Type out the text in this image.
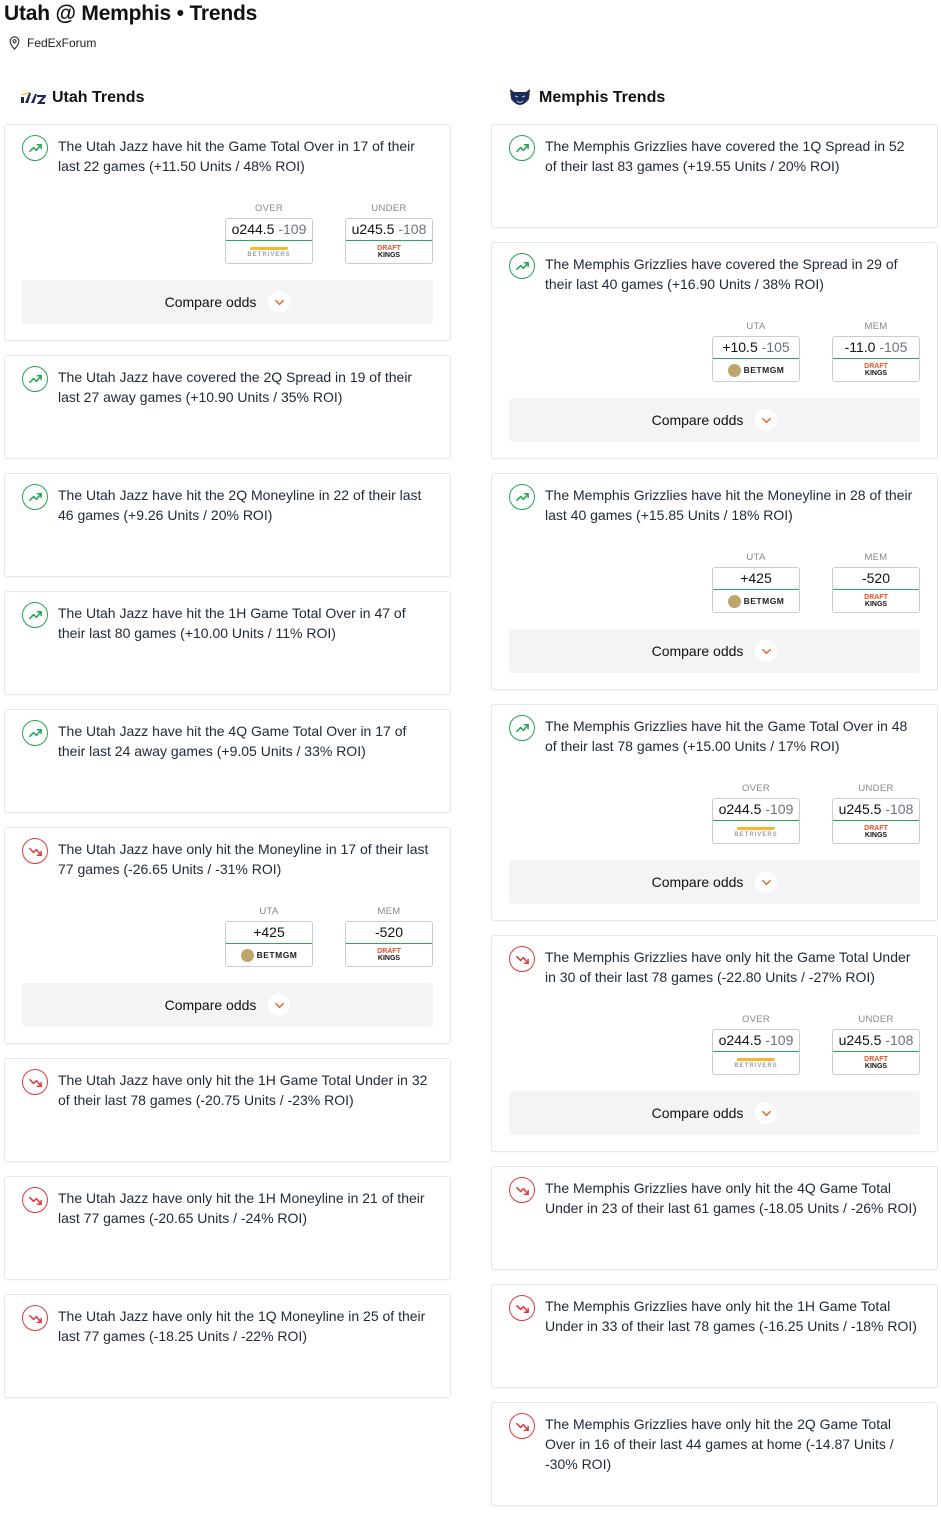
Utah @ Memphis • Trends
FedExForum
Utah Trends
The Utah Jazz have hit the Game Total Over in 17 of their last 22 games (+11.50 Units / 48% ROI)
OVER
o244.5 -109
BETRIVERS
UNDER
u245.5 -108
DRAFT
KINGS
Compare odds
The Utah Jazz have covered the 2Q Spread in 19 of their last 27 away games (+10.90 Units / 35% ROI)
The Utah Jazz have hit the 2Q Moneyline in 22 of their last 46 games (+9.26 Units / 20% ROI)
The Utah Jazz have hit the 1H Game Total Over in 47 of their last 80 games (+10.00 Units / 11% ROI)
The Utah Jazz have hit the 4Q Game Total Over in 17 of their last 24 away games (+9.05 Units / 33% ROI)
The Utah Jazz have only hit the Moneyline in 17 of their last 77 games (-26.65 Units / -31% ROI)
UTA
+425
BETMGM
MEM
-520
DRAFT
KINGS
Compare odds
The Utah Jazz have only hit the 1H Game Total Under in 32 of their last 78 games (-20.75 Units / -23% ROI)
The Utah Jazz have only hit the 1H Moneyline in 21 of their last 77 games (-20.65 Units / -24% ROI)
The Utah Jazz have only hit the 1Q Moneyline in 25 of their last 77 games (-18.25 Units / -22% ROI)
Memphis Trends
The Memphis Grizzlies have covered the 1Q Spread in 52 of their last 83 games (+19.55 Units / 20% ROI)
The Memphis Grizzlies have covered the Spread in 29 of their last 40 games (+16.90 Units / 38% ROI)
UTA
+10.5 -105
BETMGM
MEM
-11.0 -105
DRAFT
KINGS
Compare odds
The Memphis Grizzlies have hit the Moneyline in 28 of their last 40 games (+15.85 Units / 18% ROI)
UTA
+425
BETMGM
MEM
-520
DRAFT
KINGS
Compare odds
The Memphis Grizzlies have hit the Game Total Over in 48 of their last 78 games (+15.00 Units / 17% ROI)
OVER
o244.5 -109
BETRIVERS
UNDER
u245.5 -108
DRAFT
KINGS
Compare odds
The Memphis Grizzlies have only hit the Game Total Under in 30 of their last 78 games (-22.80 Units / -27% ROI)
OVER
o244.5 -109
BETRIVERS
UNDER
u245.5 -108
DRAFT
KINGS
Compare odds
The Memphis Grizzlies have only hit the 4Q Game Total Under in 23 of their last 61 games (-18.05 Units / -26% ROI)
The Memphis Grizzlies have only hit the 1H Game Total Under in 33 of their last 78 games (-16.25 Units / -18% ROI)
The Memphis Grizzlies have only hit the 2Q Game Total Over in 16 of their last 44 games at home (-14.87 Units / -30% ROI)
